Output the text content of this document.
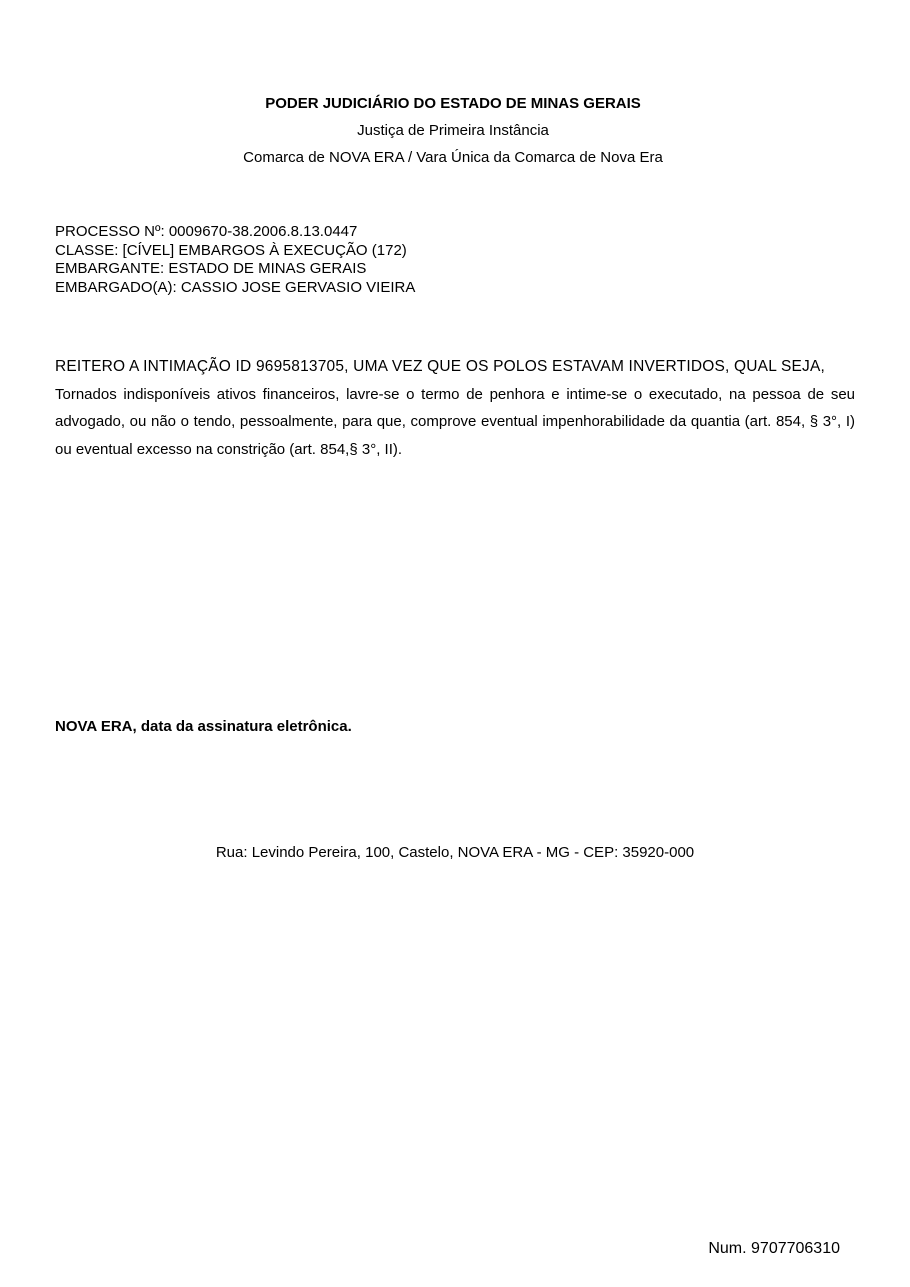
PODER JUDICIÁRIO DO ESTADO DE MINAS GERAIS
Justiça de Primeira Instância
Comarca de NOVA ERA / Vara Única da Comarca de Nova Era
PROCESSO Nº: 0009670-38.2006.8.13.0447
CLASSE: [CÍVEL] EMBARGOS À EXECUÇÃO (172)
EMBARGANTE: ESTADO DE MINAS GERAIS
EMBARGADO(A): CASSIO JOSE GERVASIO VIEIRA
REITERO A INTIMAÇÃO ID 9695813705, UMA VEZ QUE OS POLOS ESTAVAM INVERTIDOS, QUAL SEJA,
Tornados indisponíveis ativos financeiros, lavre-se o termo de penhora e intime-se o executado, na pessoa de seu advogado, ou não o tendo, pessoalmente, para que, comprove eventual impenhorabilidade da quantia (art. 854, § 3°, I) ou eventual excesso na constrição (art. 854,§ 3°, II).
NOVA ERA, data da assinatura eletrônica.
Rua: Levindo Pereira, 100, Castelo, NOVA ERA - MG - CEP: 35920-000
Num. 9707706310
